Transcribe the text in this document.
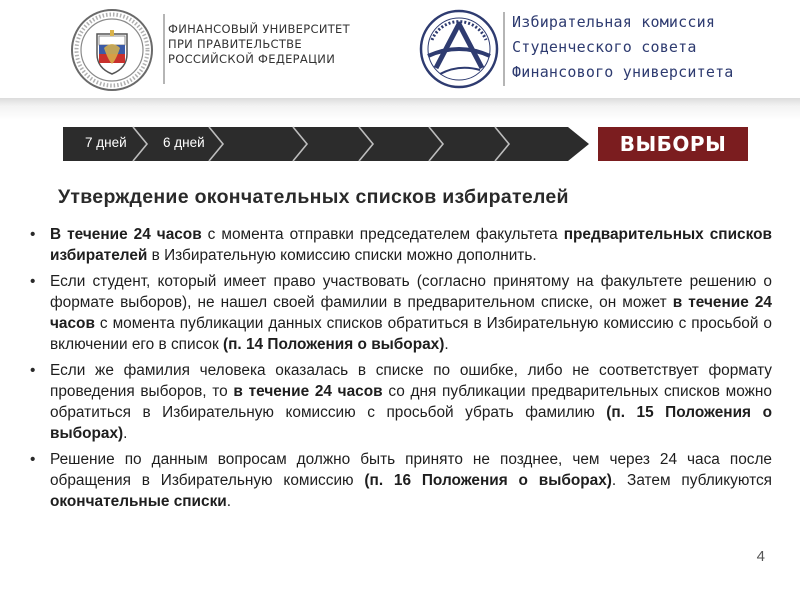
ФИНАНСОВЫЙ УНИВЕРСИТЕТ
ПРИ ПРАВИТЕЛЬСТВЕ
РОССИЙСКОЙ ФЕДЕРАЦИИ
Избирательная комиссия
Студенческого совета
Финансового университета
7 дней	6 дней	ВЫБОРЫ
Утверждение окончательных списков избирателей
• В течение 24 часов с момента отправки председателем факультета предварительных списков избирателей в Избирательную комиссию списки можно дополнить.
• Если студент, который имеет право участвовать (согласно принятому на факультете решению о формате выборов), не нашел своей фамилии в предварительном списке, он может в течение 24 часов с момента публикации данных списков обратиться в Избирательную комиссию с просьбой о включении его в список (п. 14 Положения о выборах).
• Если же фамилия человека оказалась в списке по ошибке, либо не соответствует формату проведения выборов, то в течение 24 часов со дня публикации предварительных списков можно обратиться в Избирательную комиссию с просьбой убрать фамилию (п. 15 Положения о выборах).
• Решение по данным вопросам должно быть принято не позднее, чем через 24 часа после обращения в Избирательную комиссию (п. 16 Положения о выборах). Затем публикуются окончательные списки.
4
